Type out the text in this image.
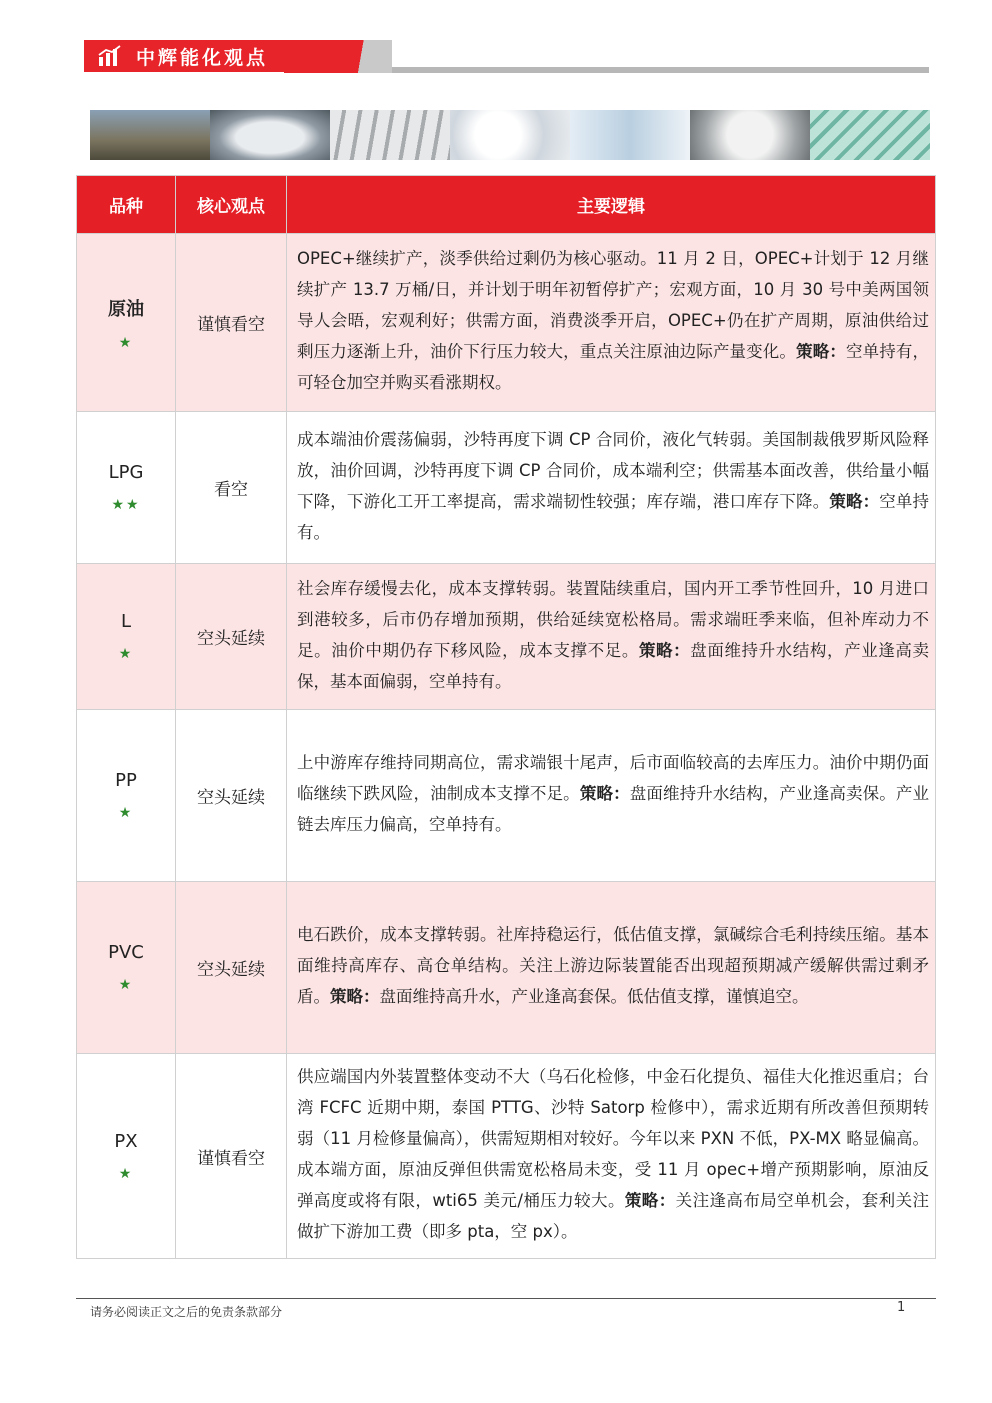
中辉能化观点
品种	核心观点	主要逻辑

原油
★	谨慎看空	OPEC+继续扩产，淡季供给过剩仍为核心驱动。11 月 2 日，OPEC+计划于 12 月继续扩产 13.7 万桶/日，并计划于明年初暂停扩产；宏观方面，10 月 30 号中美两国领导人会晤，宏观利好；供需方面，消费淡季开启，OPEC+仍在扩产周期，原油供给过剩压力逐渐上升，油价下行压力较大，重点关注原油边际产量变化。策略：空单持有，可轻仓加空并购买看涨期权。

LPG
★★	看空	成本端油价震荡偏弱，沙特再度下调 CP 合同价，液化气转弱。美国制裁俄罗斯风险释放，油价回调，沙特再度下调 CP 合同价，成本端利空；供需基本面改善，供给量小幅下降，下游化工开工率提高，需求端韧性较强；库存端，港口库存下降。策略：空单持有。

L
★	空头延续	社会库存缓慢去化，成本支撑转弱。装置陆续重启，国内开工季节性回升，10 月进口到港较多，后市仍存增加预期，供给延续宽松格局。需求端旺季来临，但补库动力不足。油价中期仍存下移风险，成本支撑不足。策略：盘面维持升水结构，产业逢高卖保，基本面偏弱，空单持有。

PP
★	空头延续	上中游库存维持同期高位，需求端银十尾声，后市面临较高的去库压力。油价中期仍面临继续下跌风险，油制成本支撑不足。策略：盘面维持升水结构，产业逢高卖保。产业链去库压力偏高，空单持有。

PVC
★	空头延续	电石跌价，成本支撑转弱。社库持稳运行，低估值支撑，氯碱综合毛利持续压缩。基本面维持高库存、高仓单结构。关注上游边际装置能否出现超预期减产缓解供需过剩矛盾。策略：盘面维持高升水，产业逢高套保。低估值支撑，谨慎追空。

PX
★	谨慎看空	供应端国内外装置整体变动不大（乌石化检修，中金石化提负、福佳大化推迟重启；台湾 FCFC 近期中期，泰国 PTTG、沙特 Satorp 检修中），需求近期有所改善但预期转弱（11 月检修量偏高），供需短期相对较好。今年以来 PXN 不低，PX-MX 略显偏高。成本端方面，原油反弹但供需宽松格局未变，受 11 月 opec+增产预期影响，原油反弹高度或将有限，wti65 美元/桶压力较大。策略：关注逢高布局空单机会，套利关注做扩下游加工费（即多 pta，空 px）。
请务必阅读正文之后的免责条款部分	1
